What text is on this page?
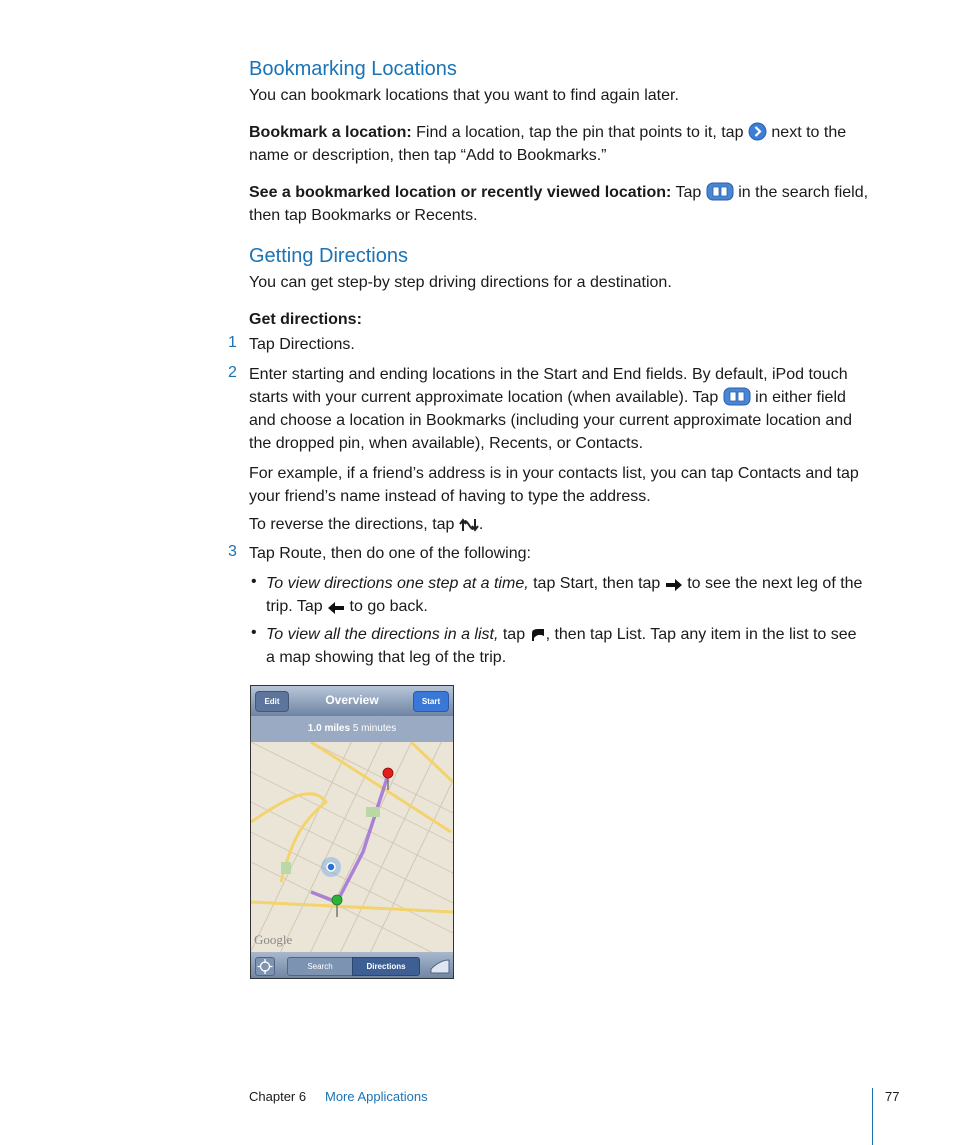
Bookmarking Locations

You can bookmark locations that you want to find again later.

Bookmark a location: Find a location, tap the pin that points to it, tap next to the name or description, then tap “Add to Bookmarks.”

See a bookmarked location or recently viewed location: Tap in the search field, then tap Bookmarks or Recents.

Getting Directions

You can get step-by step driving directions for a destination.

Get directions:

1 Tap Directions.

2 Enter starting and ending locations in the Start and End fields. By default, iPod touch starts with your current approximate location (when available). Tap in either field and choose a location in Bookmarks (including your current approximate location and the dropped pin, when available), Recents, or Contacts.

For example, if a friend’s address is in your contacts list, you can tap Contacts and tap your friend’s name instead of having to type the address.

To reverse the directions, tap .

3 Tap Route, then do one of the following:

• To view directions one step at a time, tap Start, then tap to see the next leg of the trip. Tap to go back.

• To view all the directions in a list, tap , then tap List. Tap any item in the list to see a map showing that leg of the trip.

Google
Edit	Overview	Start
1.0 miles 5 minutes
Search	Directions
Chapter 6 More Applications	77
